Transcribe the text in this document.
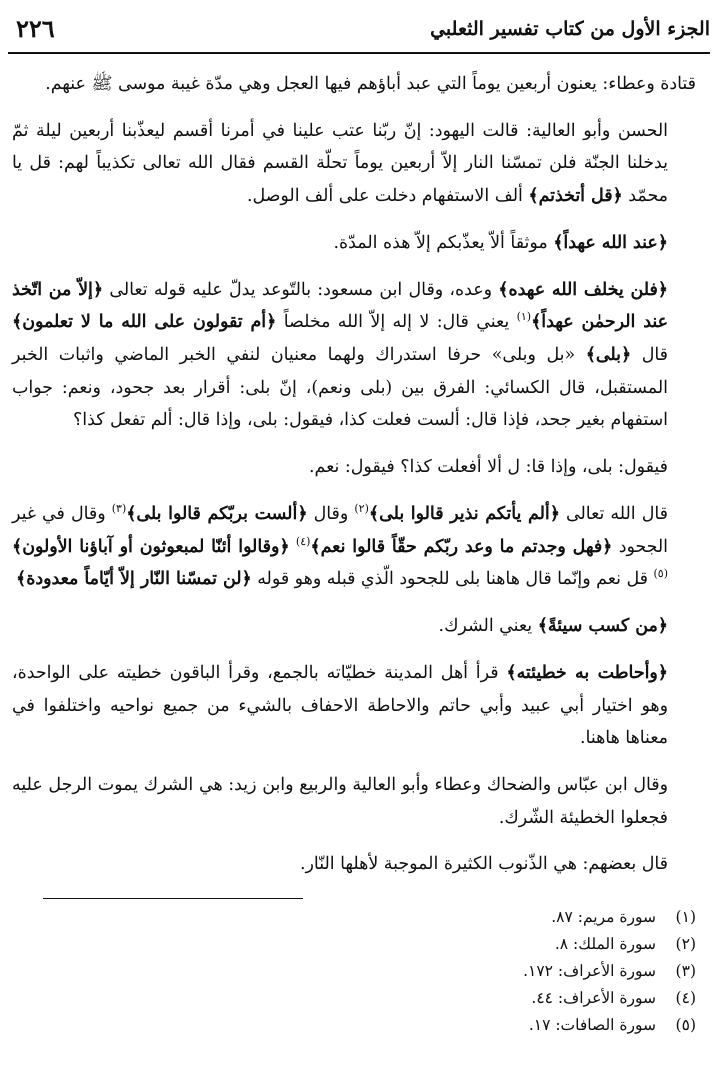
الجزء الأول من كتاب تفسير الثعلبي
٢٢٦

قتادة وعطاء: يعنون أربعين يوماً التي عبد أباؤهم فيها العجل وهي مدّة غيبة موسى ﷺ عنهم.

الحسن وأبو العالية: قالت اليهود: إنّ ربّنا عتب علينا في أمرنا أقسم ليعذّبنا أربعين ليلة ثمّ يدخلنا الجنّة فلن تمسّنا النار إلاّ أربعين يوماً تحلّة القسم فقال الله تعالى تكذيباً لهم: قل يا محمّد ﴿قل أتخذتم﴾ ألف الاستفهام دخلت على ألف الوصل.

﴿عند الله عهداً﴾ موثقاً ألاّ يعذّبكم إلاّ هذه المدّة.

﴿فلن يخلف الله عهده﴾ وعده، وقال ابن مسعود: بالتّوعد يدلّ عليه قوله تعالى ﴿إلاّ من اتّخذ عند الرحمٰن عهداً﴾$^{(١)}$ يعني قال: لا إله إلاّ الله مخلصاً ﴿أم تقولون على الله ما لا تعلمون﴾ قال ﴿بلى﴾ «بل وبلى» حرفا استدراك ولهما معنيان لنفي الخبر الماضي واثبات الخبر المستقبل، قال الكسائي: الفرق بين (بلى ونعم)، إنّ بلى: أقرار بعد جحود، ونعم: جواب استفهام بغير جحد، فإذا قال: ألست فعلت كذا، فيقول: بلى، وإذا قال: ألم تفعل كذا؟

فيقول: بلى، وإذا قا: ل ألا أفعلت كذا؟ فيقول: نعم.

قال الله تعالى ﴿ألم يأتكم نذير قالوا بلى﴾$^{(٢)}$ وقال ﴿ألست بربّكم قالوا بلى﴾$^{(٣)}$ وقال في غير الجحود ﴿فهل وجدتم ما وعد ربّكم حقّاً قالوا نعم﴾$^{(٤)}$ ﴿وقالوا أئنّا لمبعوثون أو آباؤنا الأولون﴾$^{(٥)}$ قل نعم وإنّما قال هاهنا بلى للجحود الّذي قبله وهو قوله ﴿لن تمسّنا النّار إلاّ أيّاماً معدودة﴾

﴿من كسب سيئةً﴾ يعني الشرك.

﴿وأحاطت به خطيئته﴾ قرأ أهل المدينة خطيّاته بالجمع، وقرأ الباقون خطيته على الواحدة، وهو اختيار أبي عبيد وأبي حاتم والاحاطة الاحفاف بالشيء من جميع نواحيه واختلفوا في معناها هاهنا.

وقال ابن عبّاس والضحاك وعطاء وأبو العالية والربيع وابن زيد: هي الشرك يموت الرجل عليه فجعلوا الخطيئة الشّرك.

قال بعضهم: هي الذّنوب الكثيرة الموجبة لأهلها النّار.

(١)سورة مريم: ٨٧.
(٢)سورة الملك: ٨.
(٣)سورة الأعراف: ١٧٢.
(٤)سورة الأعراف: ٤٤.
(٥)سورة الصافات: ١٧.
